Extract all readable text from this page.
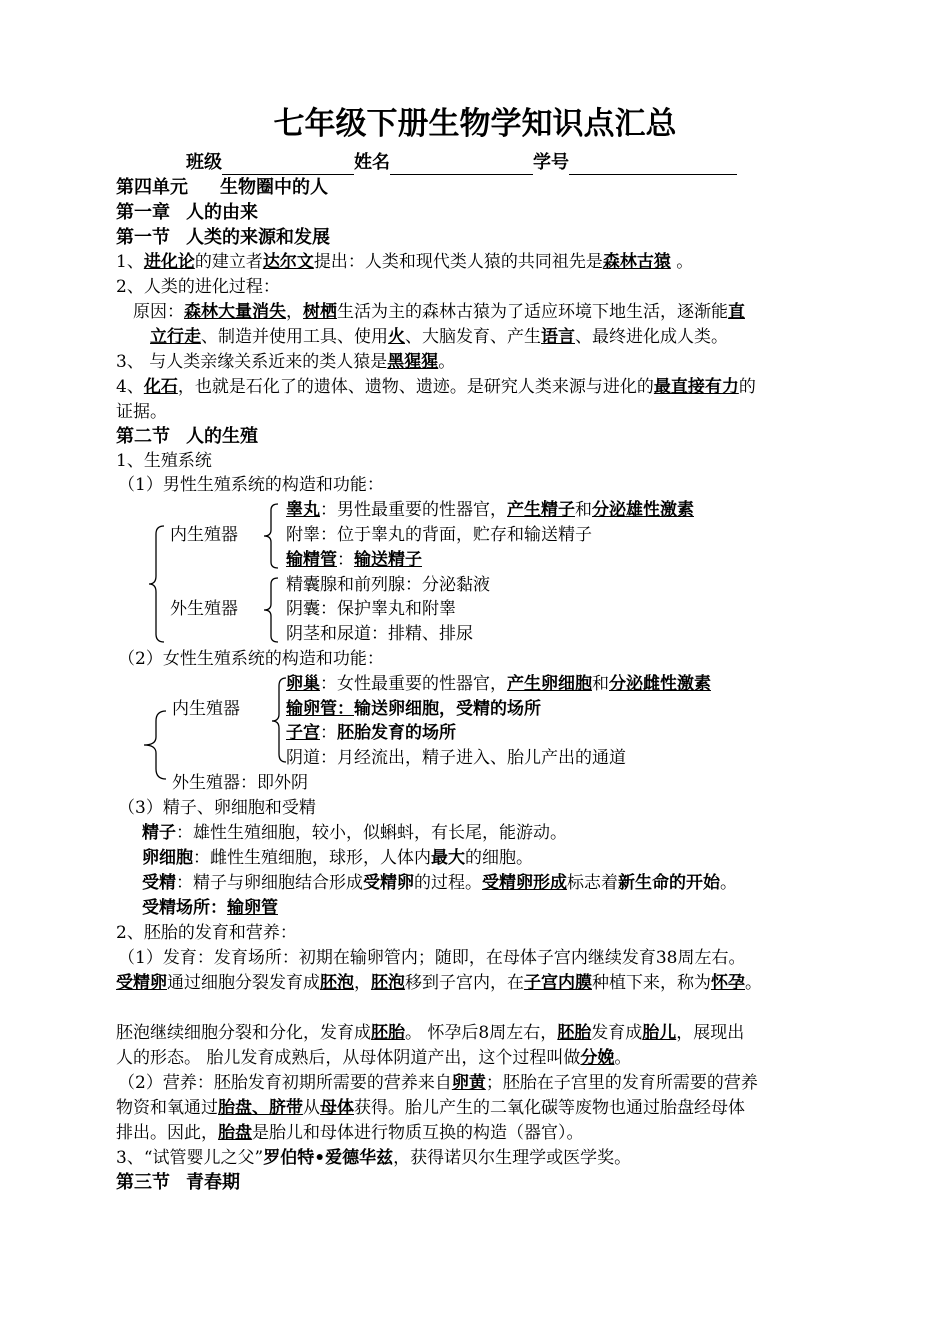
七年级下册生物学知识点汇总
班级	姓名	学号
第四单元 生物圈中的人
第一章 人的由来
第一节 人类的来源和发展
1、进化论的建立者达尔文提出：人类和现代类人猿的共同祖先是森林古猿 。
2、人类的进化过程：
原因：森林大量消失，树栖生活为主的森林古猿为了适应环境下地生活，逐渐能直
立行走、制造并使用工具、使用火、大脑发育、产生语言、最终进化成人类。
3、 与人类亲缘关系近来的类人猿是黑猩猩。
4、化石，也就是石化了的遗体、遗物、遗迹。是研究人类来源与进化的最直接有力的
证据。
第二节 人的生殖
1、生殖系统
（1）男性生殖系统的构造和功能：
内生殖器
外生殖器
睾丸：男性最重要的性器官，产生精子和分泌雄性激素
附睾：位于睾丸的背面，贮存和输送精子
输精管：输送精子
精囊腺和前列腺：分泌黏液
阴囊：保护睾丸和附睾
阴茎和尿道：排精、排尿
（2）女性生殖系统的构造和功能：
内生殖器
外生殖器：即外阴
卵巢：女性最重要的性器官，产生卵细胞和分泌雌性激素
输卵管：输送卵细胞，受精的场所
子宫：胚胎发育的场所
阴道：月经流出，精子进入、胎儿产出的通道
（3）精子、卵细胞和受精
精子：雄性生殖细胞，较小，似蝌蚪，有长尾，能游动。
卵细胞：雌性生殖细胞，球形，人体内最大的细胞。
受精：精子与卵细胞结合形成受精卵的过程。受精卵形成标志着新生命的开始。
受精场所：输卵管
2、胚胎的发育和营养：
（1）发育：发育场所：初期在输卵管内；随即，在母体子宫内继续发育38周左右。
受精卵通过细胞分裂发育成胚泡，胚泡移到子宫内，在子宫内膜种植下来，称为怀孕。
胚泡继续细胞分裂和分化，发育成胚胎。 怀孕后8周左右，胚胎发育成胎儿，展现出
人的形态。 胎儿发育成熟后，从母体阴道产出，这个过程叫做分娩。
（2）营养：胚胎发育初期所需要的营养来自卵黄；胚胎在子宫里的发育所需要的营养
物资和氧通过胎盘、脐带从母体获得。胎儿产生的二氧化碳等废物也通过胎盘经母体
排出。因此，胎盘是胎儿和母体进行物质互换的构造（器官）。
3、“试管婴儿之父”罗伯特•爱德华兹，获得诺贝尔生理学或医学奖。
第三节 青春期
